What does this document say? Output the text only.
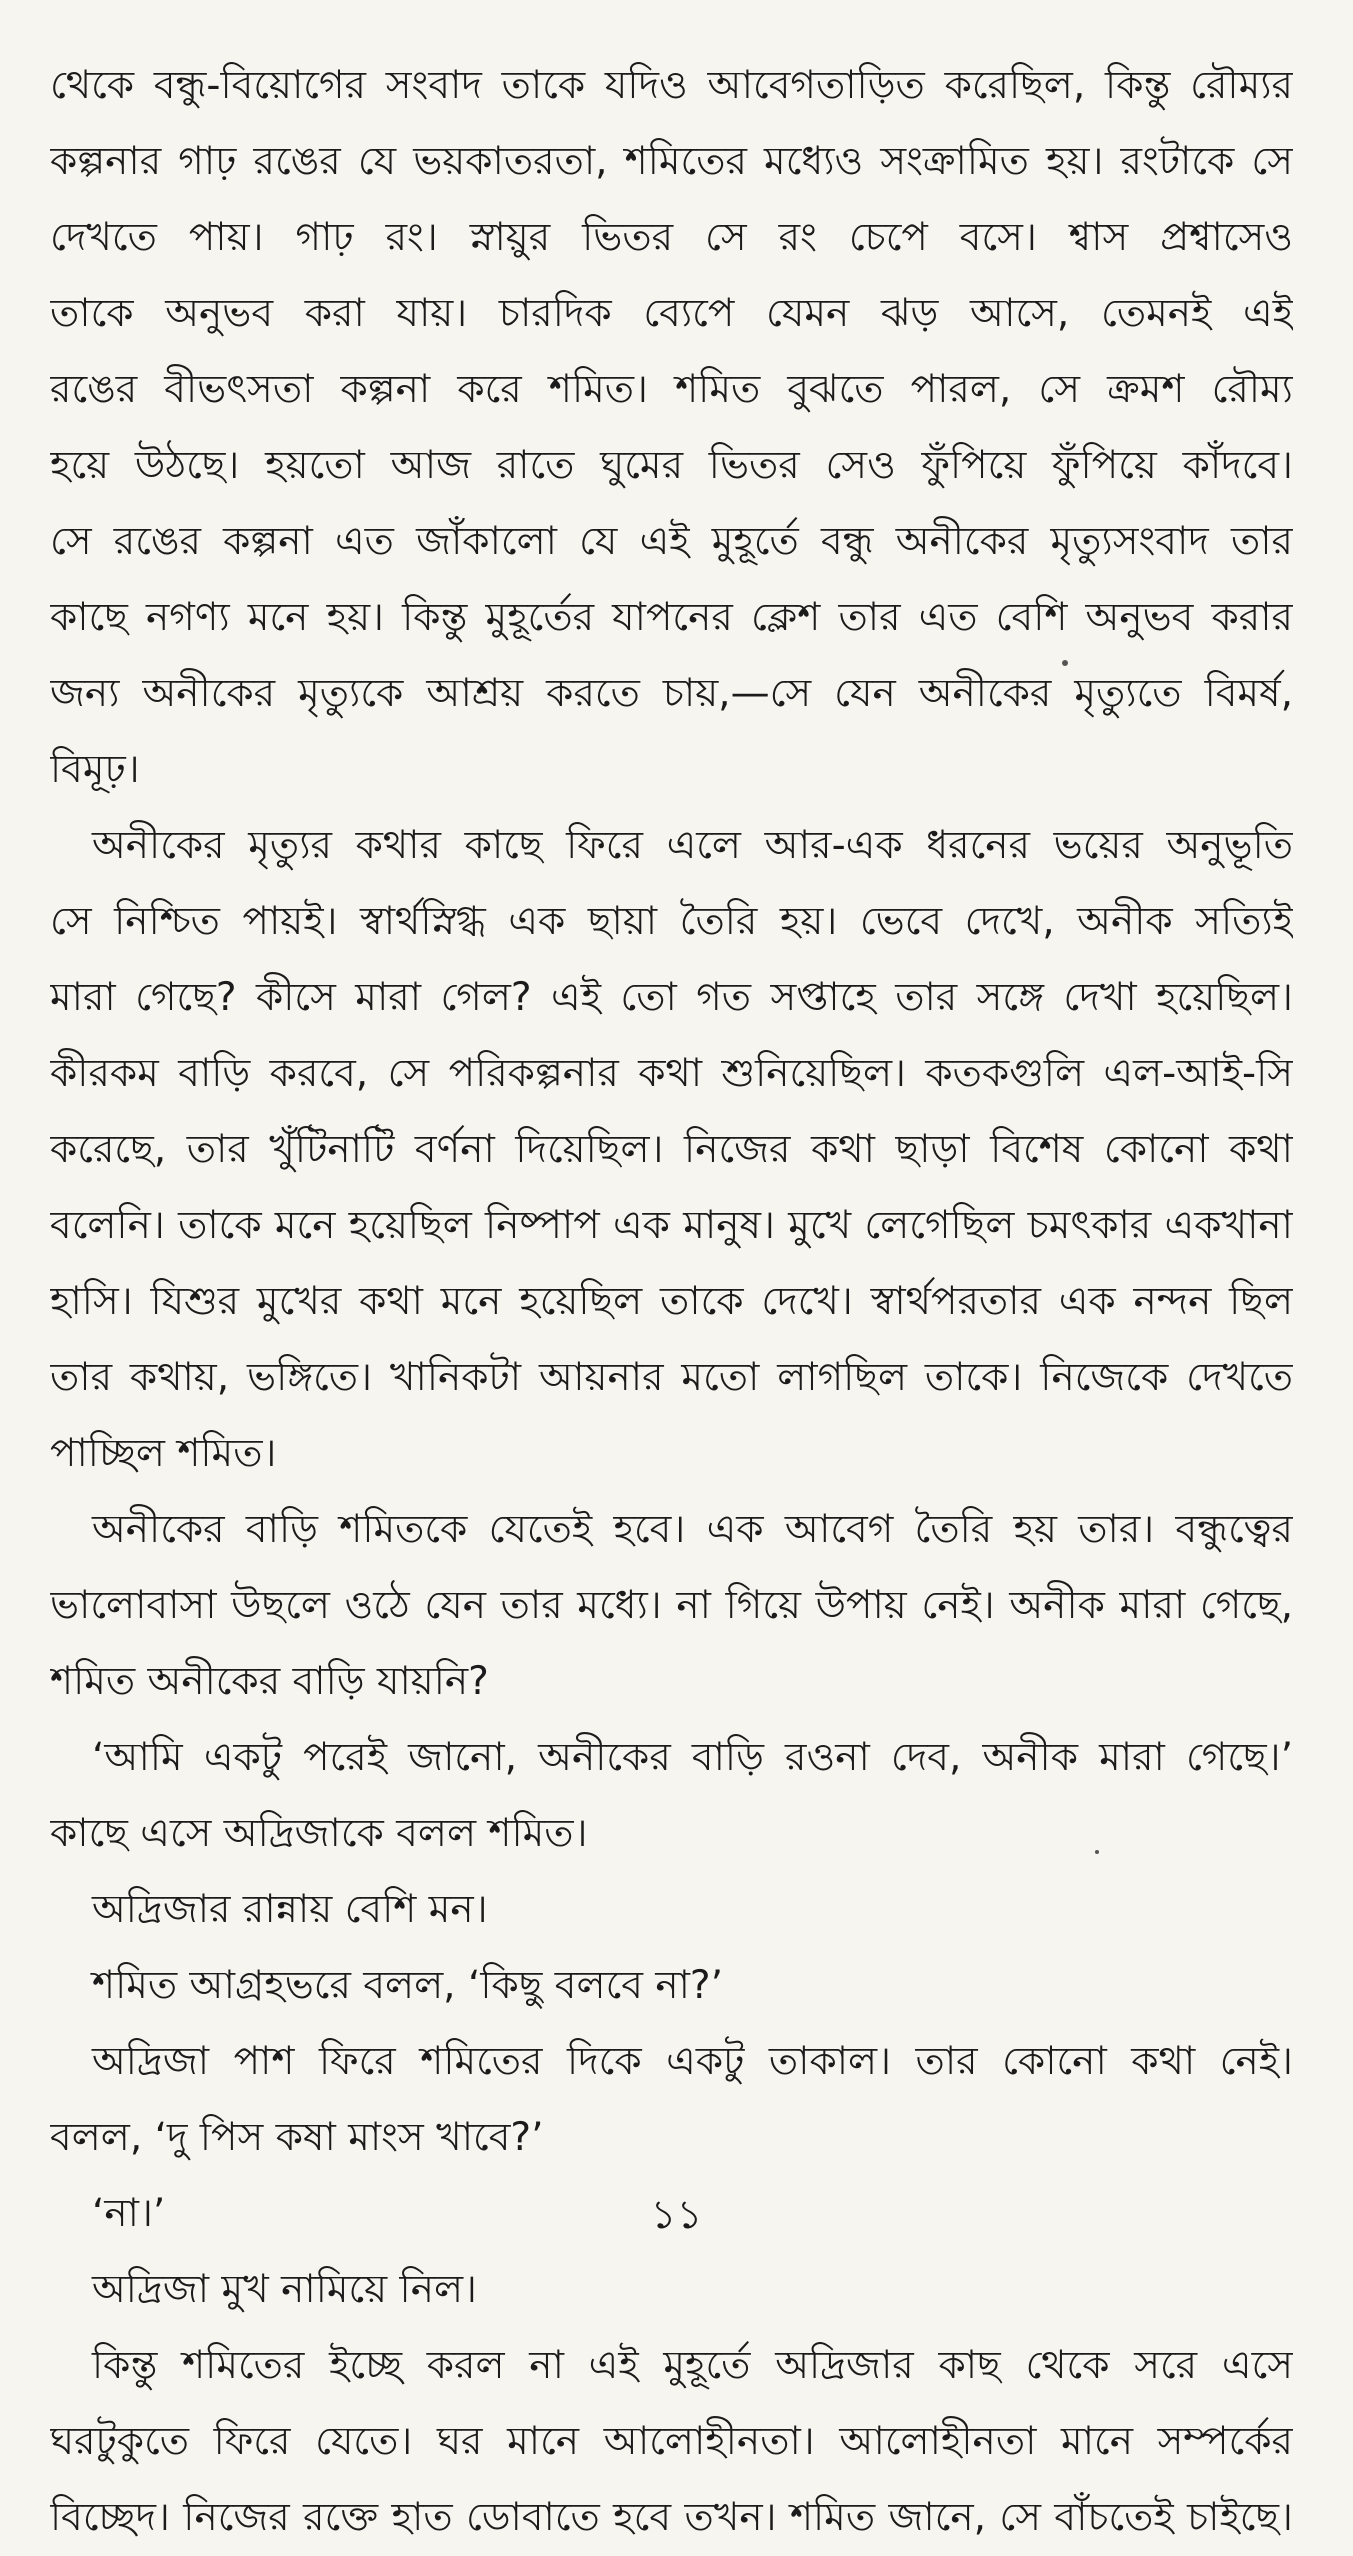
থেকে বন্ধু-বিয়োগের সংবাদ তাকে যদিও আবেগতাড়িত করেছিল, কিন্তু রৌম্যর
কল্পনার গাঢ় রঙের যে ভয়কাতরতা, শমিতের মধ্যেও সংক্রামিত হয়। রংটাকে সে
দেখতে পায়। গাঢ় রং। স্নায়ুর ভিতর সে রং চেপে বসে। শ্বাস প্রশ্বাসেও
তাকে অনুভব করা যায়। চারদিক ব্যেপে যেমন ঝড় আসে, তেমনই এই
রঙের বীভৎসতা কল্পনা করে শমিত। শমিত বুঝতে পারল, সে ক্রমশ রৌম্য
হয়ে উঠছে। হয়তো আজ রাতে ঘুমের ভিতর সেও ফুঁপিয়ে ফুঁপিয়ে কাঁদবে।
সে রঙের কল্পনা এত জাঁকালো যে এই মুহূর্তে বন্ধু অনীকের মৃত্যুসংবাদ তার
কাছে নগণ্য মনে হয়। কিন্তু মুহূর্তের যাপনের ক্লেশ তার এত বেশি অনুভব করার
জন্য অনীকের মৃত্যুকে আশ্রয় করতে চায়,—সে যেন অনীকের মৃত্যুতে বিমর্ষ,
বিমূঢ়।
অনীকের মৃত্যুর কথার কাছে ফিরে এলে আর-এক ধরনের ভয়ের অনুভূতি
সে নিশ্চিত পায়ই। স্বার্থস্নিগ্ধ এক ছায়া তৈরি হয়। ভেবে দেখে, অনীক সত্যিই
মারা গেছে? কীসে মারা গেল? এই তো গত সপ্তাহে তার সঙ্গে দেখা হয়েছিল।
কীরকম বাড়ি করবে, সে পরিকল্পনার কথা শুনিয়েছিল। কতকগুলি এল-আই-সি
করেছে, তার খুঁটিনাটি বর্ণনা দিয়েছিল। নিজের কথা ছাড়া বিশেষ কোনো কথা
বলেনি। তাকে মনে হয়েছিল নিষ্পাপ এক মানুষ। মুখে লেগেছিল চমৎকার একখানা
হাসি। যিশুর মুখের কথা মনে হয়েছিল তাকে দেখে। স্বার্থপরতার এক নন্দন ছিল
তার কথায়, ভঙ্গিতে। খানিকটা আয়নার মতো লাগছিল তাকে। নিজেকে দেখতে
পাচ্ছিল শমিত।
অনীকের বাড়ি শমিতকে যেতেই হবে। এক আবেগ তৈরি হয় তার। বন্ধুত্বের
ভালোবাসা উছলে ওঠে যেন তার মধ্যে। না গিয়ে উপায় নেই। অনীক মারা গেছে,
শমিত অনীকের বাড়ি যায়নি?
‘আমি একটু পরেই জানো, অনীকের বাড়ি রওনা দেব, অনীক মারা গেছে।’
কাছে এসে অদ্রিজাকে বলল শমিত।
অদ্রিজার রান্নায় বেশি মন।
শমিত আগ্রহভরে বলল, ‘কিছু বলবে না?’
অদ্রিজা পাশ ফিরে শমিতের দিকে একটু তাকাল। তার কোনো কথা নেই।
বলল, ‘দু পিস কষা মাংস খাবে?’
‘না।’
অদ্রিজা মুখ নামিয়ে নিল।
কিন্তু শমিতের ইচ্ছে করল না এই মুহূর্তে অদ্রিজার কাছ থেকে সরে এসে
ঘরটুকুতে ফিরে যেতে। ঘর মানে আলোহীনতা। আলোহীনতা মানে সম্পর্কের
বিচ্ছেদ। নিজের রক্তে হাত ডোবাতে হবে তখন। শমিত জানে, সে বাঁচতেই চাইছে।
১১
